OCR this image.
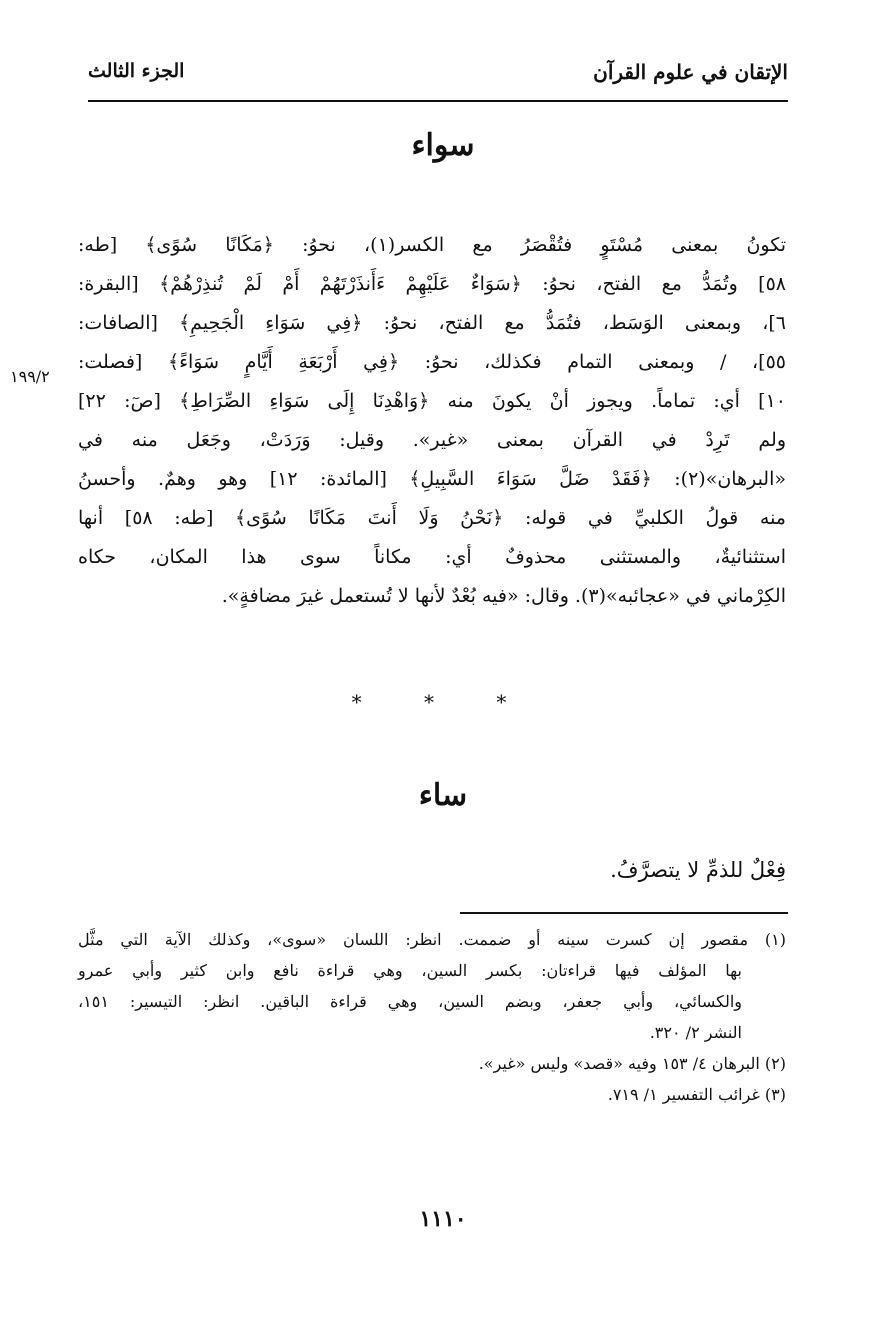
الإتقان في علوم القرآن
الجزء الثالث
سواء
تكونُ بمعنى مُسْتَوٍ فتُقْصَرُ مع الكسر(١)، نحوُ: ﴿مَكَانًا سُوًى﴾ [طه:
٥٨] وتُمَدُّ مع الفتح، نحوُ: ﴿سَوَاءٌ عَلَيْهِمْ ءَأَنذَرْتَهُمْ أَمْ لَمْ تُنذِرْهُمْ﴾ [البقرة:
٦]، وبمعنى الوَسَط، فتُمَدُّ مع الفتح، نحوُ: ﴿فِي سَوَاءِ الْجَحِيمِ﴾ [الصافات:
٥٥]، / وبمعنى التمام فكذلك، نحوُ: ﴿فِي أَرْبَعَةِ أَيَّامٍ سَوَاءً﴾ [فصلت:
١٠] أي: تماماً. ويجوز أنْ يكونَ منه ﴿وَاهْدِنَا إِلَى سَوَاءِ الصِّرَاطِ﴾ [صٓ: ٢٢]
ولم تَرِدْ في القرآن بمعنى «غير». وقيل: وَرَدَتْ، وجَعَل منه في
«البرهان»(٢): ﴿فَقَدْ ضَلَّ سَوَاءَ السَّبِيلِ﴾ [المائدة: ١٢] وهو وهمٌ. وأحسنُ
منه قولُ الكلبيِّ في قوله: ﴿نَحْنُ وَلَا أَنتَ مَكَانًا سُوًى﴾ [طه: ٥٨] أنها
استثنائيةٌ، والمستثنى محذوفٌ أي: مكاناً سوى هذا المكان، حكاه
الكِرْماني في «عجائبه»(٣). وقال: «فيه بُعْدٌ لأنها لا تُستعمل غيرَ مضافةٍ».
١٩٩/٢
* * *
ساء
فِعْلٌ للذمِّ لا يتصرَّفُ.
(١) مقصور إن كسرت سينه أو ضممت. انظر: اللسان «سوى»، وكذلك الآية التي مثَّل
بها المؤلف فيها قراءتان: بكسر السين، وهي قراءة نافع وابن كثير وأبي عمرو
والكسائي، وأبي جعفر، وبضم السين، وهي قراءة الباقين. انظر: التيسير: ١٥١،
النشر ٢/ ٣٢٠.
(٢) البرهان ٤/ ١٥٣ وفيه «قصد» وليس «غير».
(٣) غرائب التفسير ١/ ٧١٩.
١١١٠
